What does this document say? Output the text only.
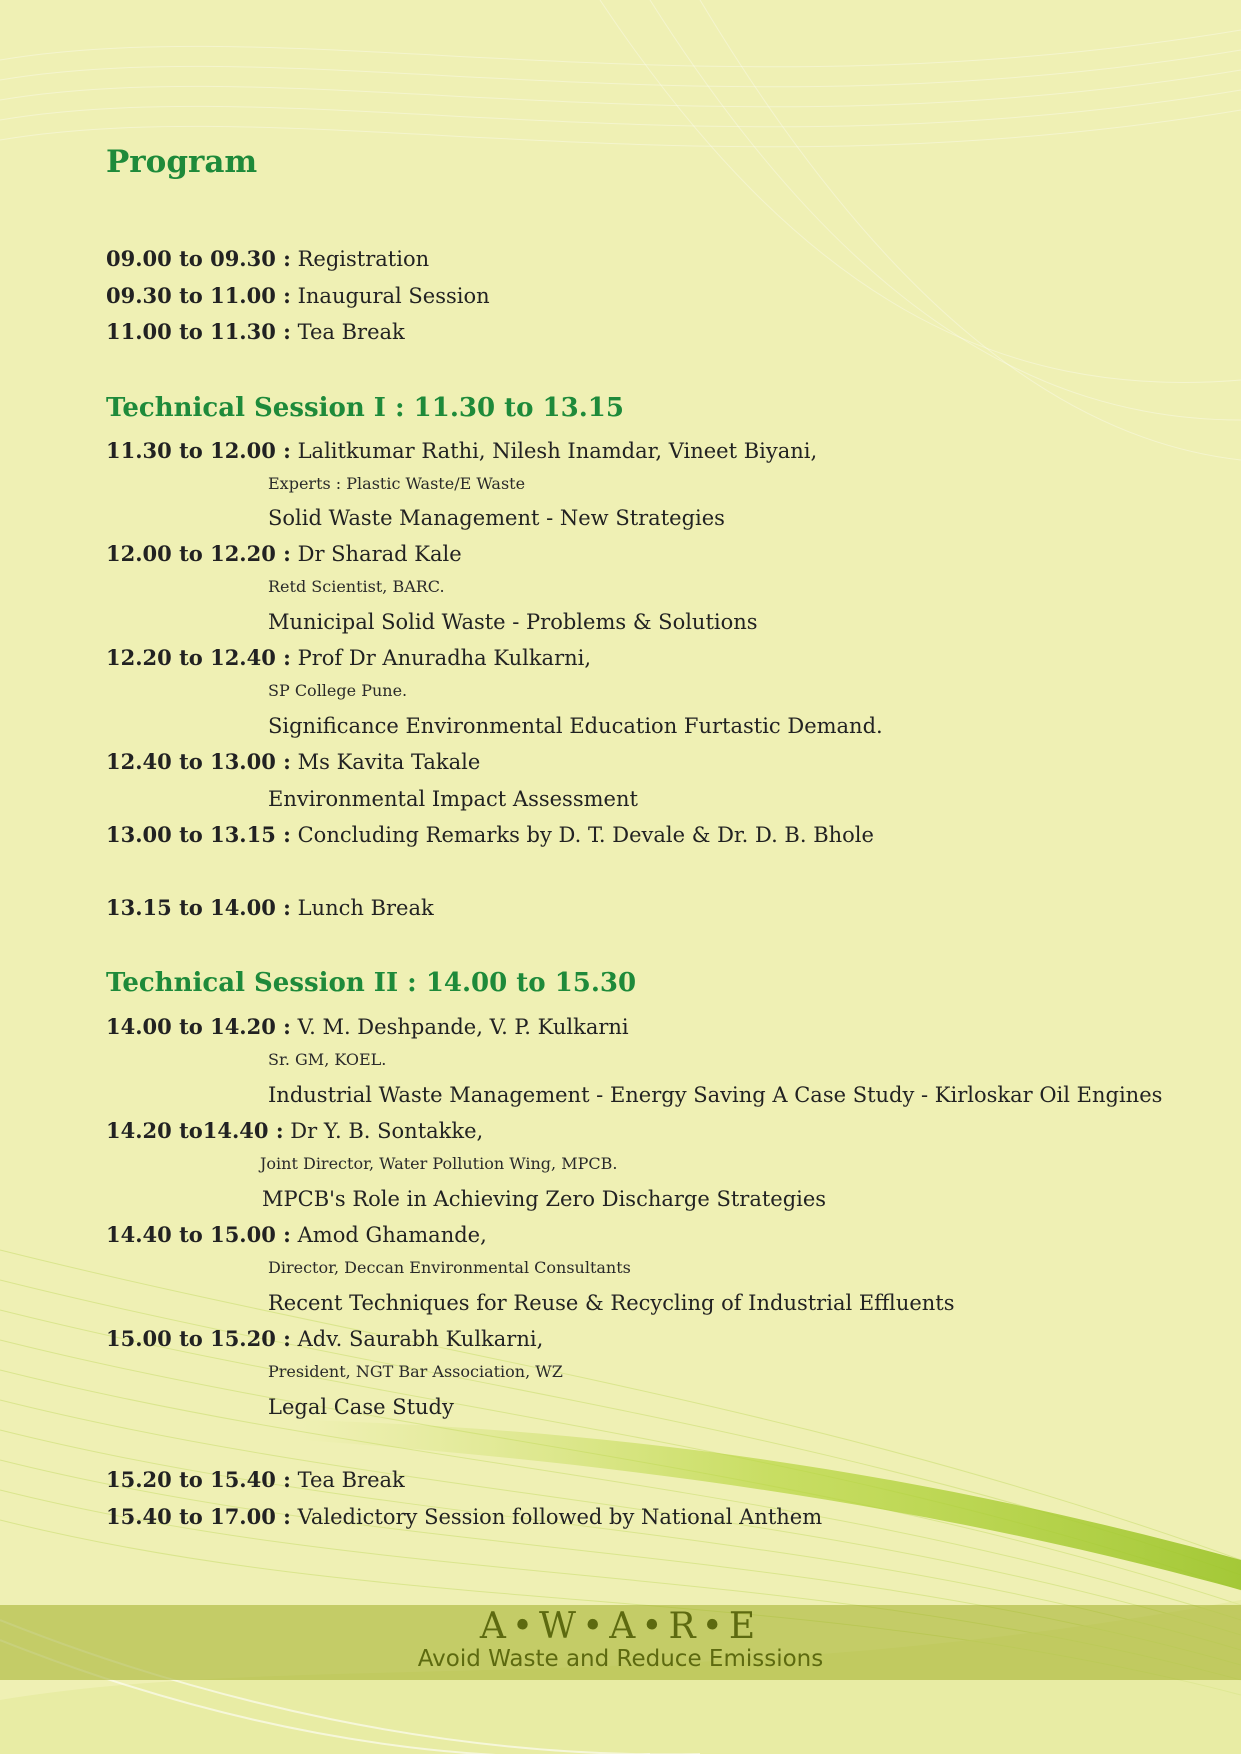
Program
09.00 to 09.30 : Registration
09.30 to 11.00 : Inaugural Session
11.00 to 11.30 : Tea Break
Technical Session I : 11.30 to 13.15
11.30 to 12.00 : Lalitkumar Rathi, Nilesh Inamdar, Vineet Biyani,
Experts : Plastic Waste/E Waste
Solid Waste Management - New Strategies
12.00 to 12.20 : Dr Sharad Kale
Retd Scientist, BARC.
Municipal Solid Waste - Problems & Solutions
12.20 to 12.40 : Prof Dr Anuradha Kulkarni,
SP College Pune.
Significance Environmental Education Furtastic Demand.
12.40 to 13.00 : Ms Kavita Takale
Environmental Impact Assessment
13.00 to 13.15 : Concluding Remarks by D. T. Devale & Dr. D. B. Bhole
13.15 to 14.00 : Lunch Break
Technical Session II : 14.00 to 15.30
14.00 to 14.20 : V. M. Deshpande, V. P. Kulkarni
Sr. GM, KOEL.
Industrial Waste Management - Energy Saving A Case Study - Kirloskar Oil Engines
14.20 to14.40 : Dr Y. B. Sontakke,
Joint Director, Water Pollution Wing, MPCB.
MPCB's Role in Achieving Zero Discharge Strategies
14.40 to 15.00 : Amod Ghamande,
Director, Deccan Environmental Consultants
Recent Techniques for Reuse & Recycling of Industrial Effluents
15.00 to 15.20 : Adv. Saurabh Kulkarni,
President, NGT Bar Association, WZ
Legal Case Study
15.20 to 15.40 : Tea Break
15.40 to 17.00 : Valedictory Session followed by National Anthem
A•W•A•R•E
Avoid Waste and Reduce Emissions
